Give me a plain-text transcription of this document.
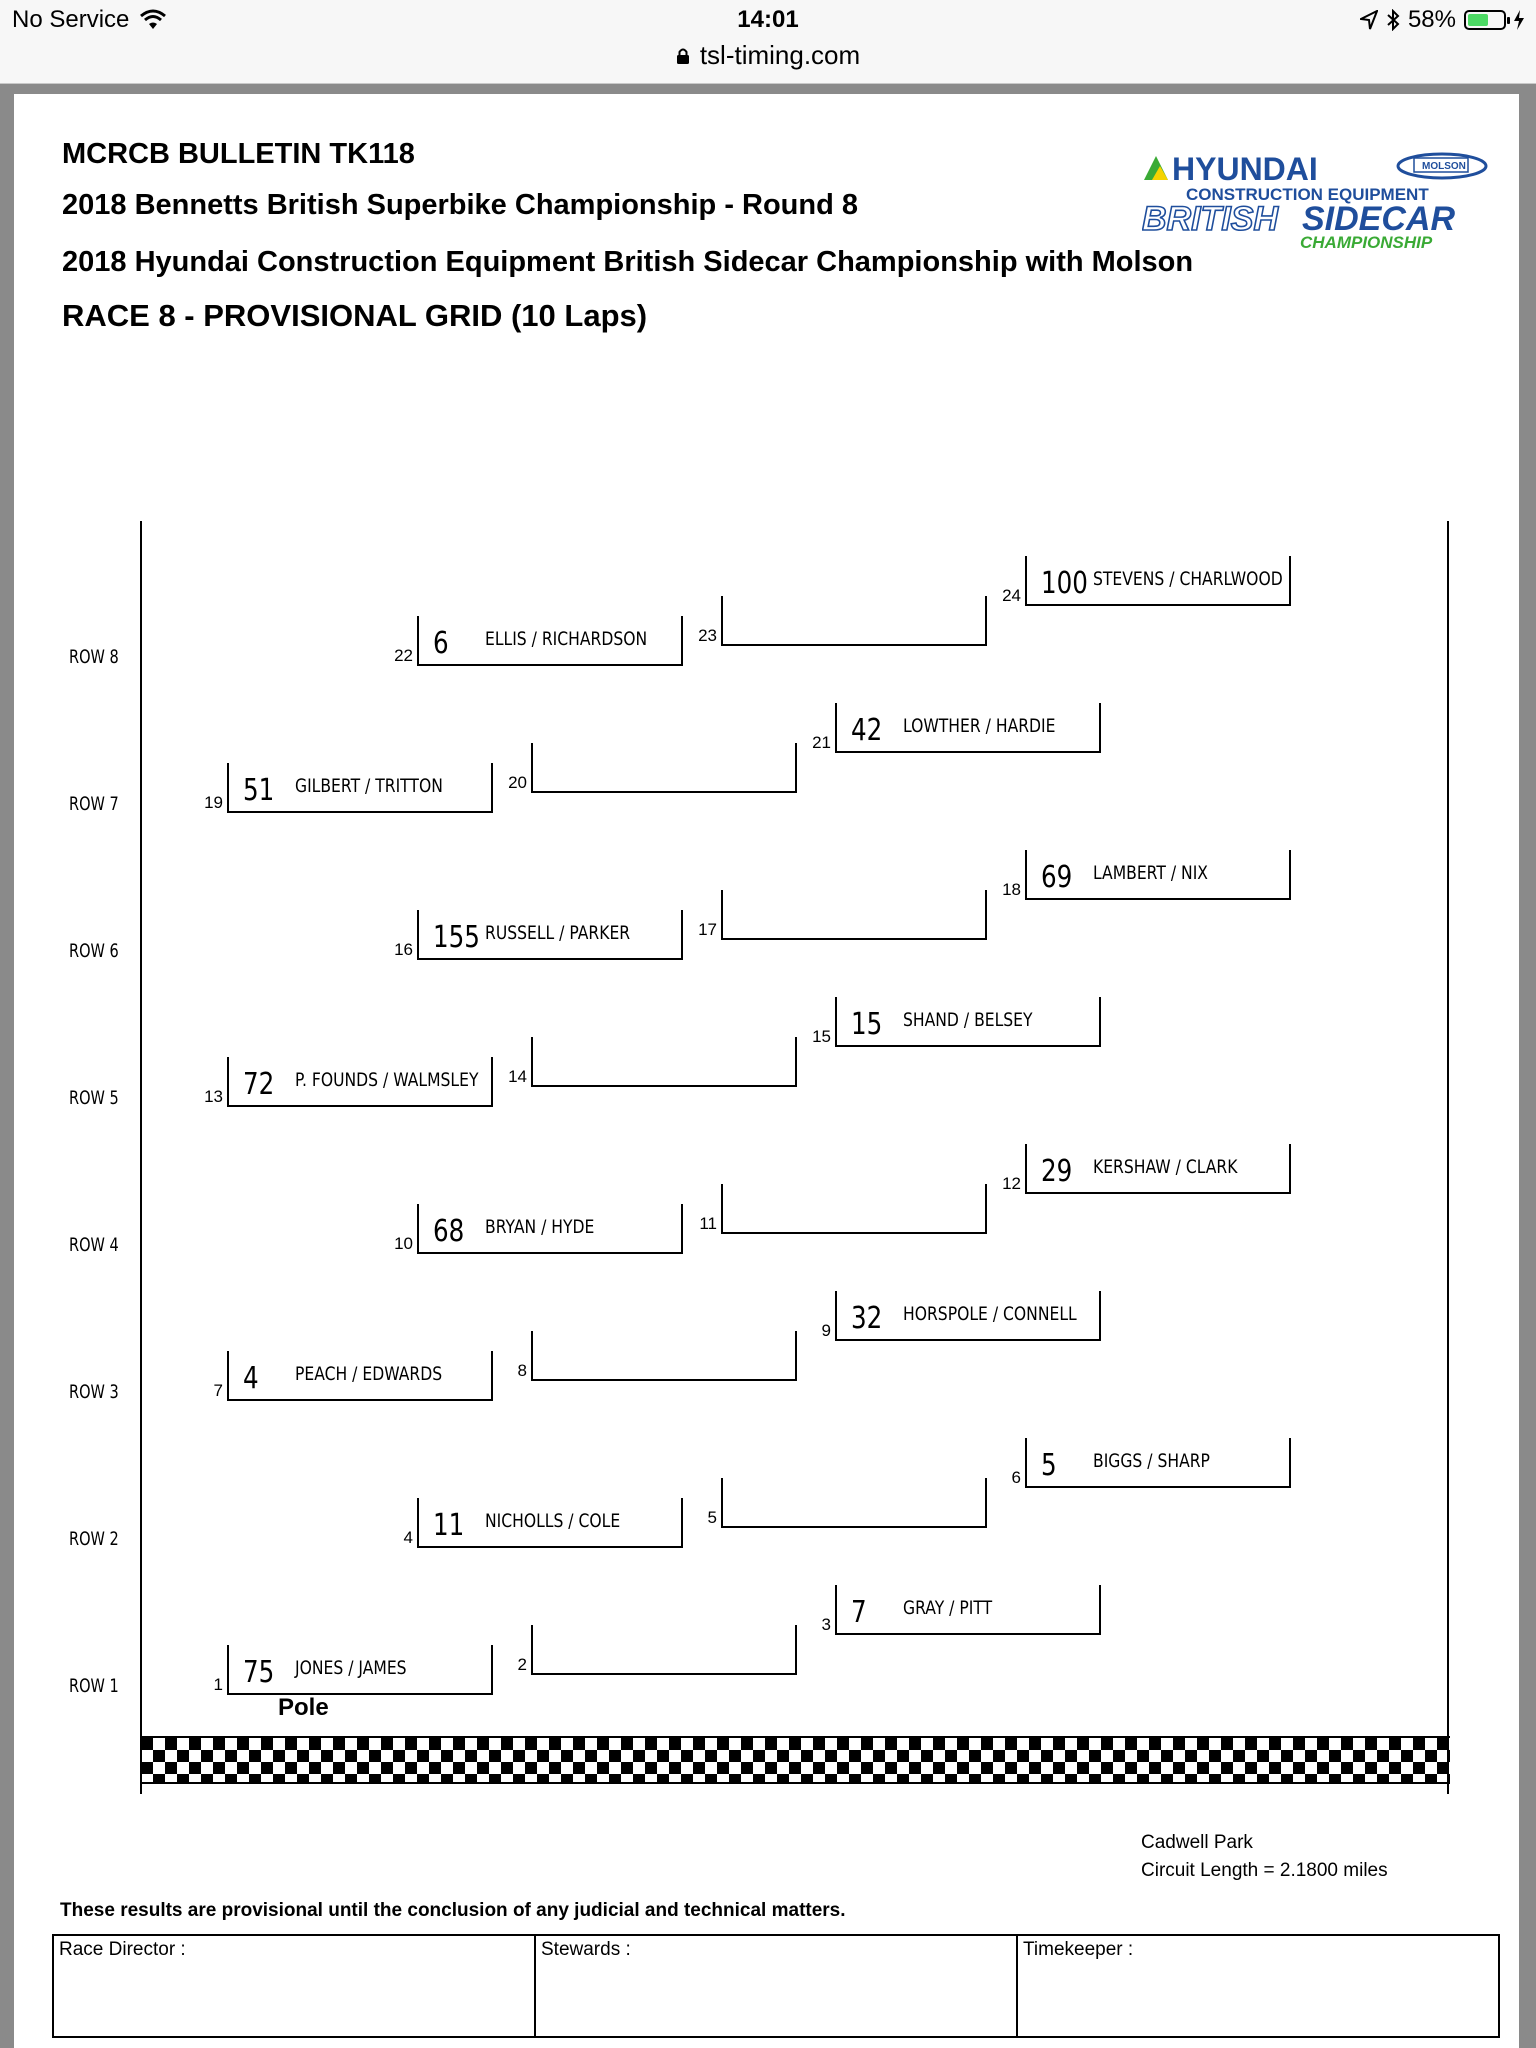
No Service	14:01	58%
tsl-timing.com
MCRCB BULLETIN TK118
2018 Bennetts British Superbike Championship - Round 8
2018 Hyundai Construction Equipment British Sidecar Championship with Molson
RACE 8 - PROVISIONAL GRID (10 Laps)
HYUNDAI	MOLSON
CONSTRUCTION EQUIPMENT
BRITISH SIDECAR
CHAMPIONSHIP
ROW 8	6 ELLIS / RICHARDSON
22
23
100 STEVENS / CHARLWOOD
24
ROW 7	51 GILBERT / TRITTON
19
20
42 LOWTHER / HARDIE
21
ROW 6	155 RUSSELL / PARKER
16
17
69 LAMBERT / NIX
18
ROW 5	72 P. FOUNDS / WALMSLEY
13
14
15 SHAND / BELSEY
15
ROW 4	68 BRYAN / HYDE
10
11
29 KERSHAW / CLARK
12
ROW 3	4 PEACH / EDWARDS
7
8
32 HORSPOLE / CONNELL
9
ROW 2	11 NICHOLLS / COLE
4
5
5 BIGGS / SHARP
6
ROW 1	75 JONES / JAMES
1
2
7 GRAY / PITT
3
Pole
Cadwell Park
Circuit Length = 2.1800 miles
These results are provisional until the conclusion of any judicial and technical matters.
Race Director :	Stewards :	Timekeeper :
